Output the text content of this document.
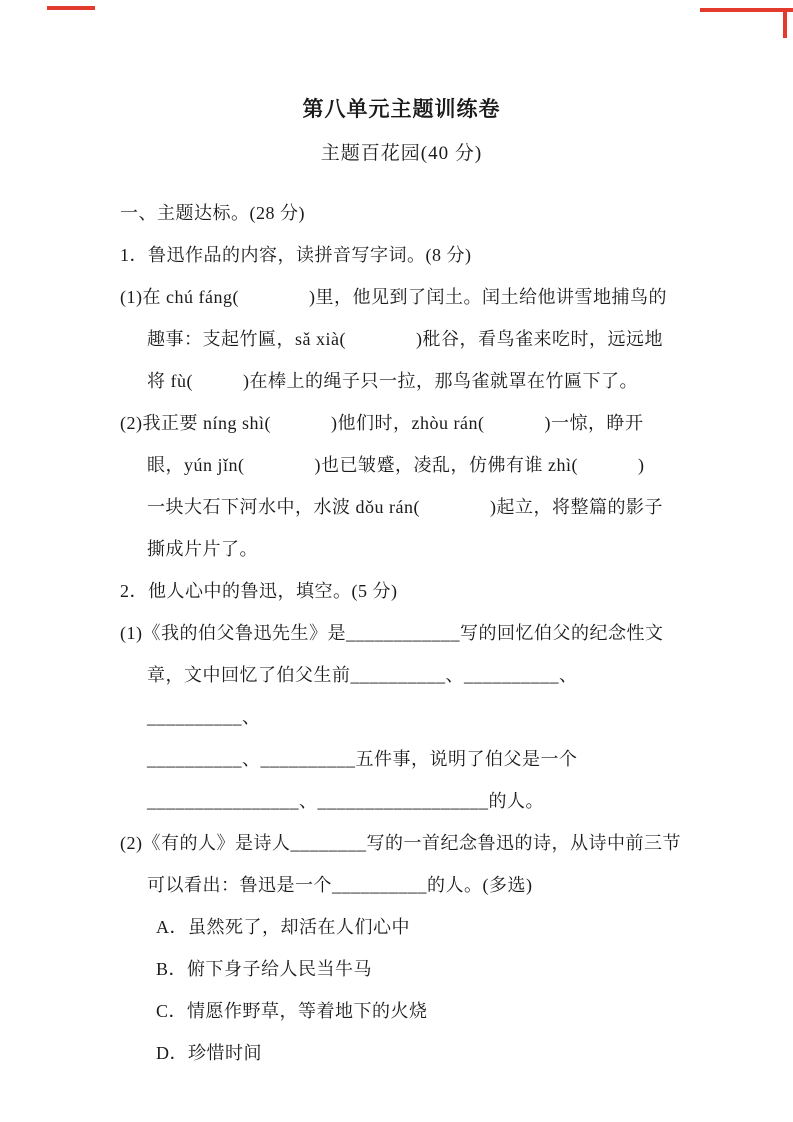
第八单元主题训练卷
主题百花园(40 分)
一、主题达标。(28 分)
1．鲁迅作品的内容，读拼音写字词。(8 分)
(1)在 chú fáng(              )里，他见到了闰土。闰土给他讲雪地捕鸟的
趣事：支起竹匾，sǎ xià(              )秕谷，看鸟雀来吃时，远远地
将 fù(          )在棒上的绳子只一拉，那鸟雀就罩在竹匾下了。
(2)我正要 níng shì(            )他们时，zhòu rán(            )一惊，睁开
眼，yún jǐn(              )也已皱蹙，凌乱，仿佛有谁 zhì(            )
一块大石下河水中，水波 dǒu rán(              )起立，将整篇的影子
撕成片片了。
2．他人心中的鲁迅，填空。(5 分)
(1)《我的伯父鲁迅先生》是____________写的回忆伯父的纪念性文
章，文中回忆了伯父生前__________、__________、__________、
__________、__________五件事，说明了伯父是一个
________________、__________________的人。
(2)《有的人》是诗人________写的一首纪念鲁迅的诗，从诗中前三节
可以看出：鲁迅是一个__________的人。(多选)
A．虽然死了，却活在人们心中
B．俯下身子给人民当牛马
C．情愿作野草，等着地下的火烧
D．珍惜时间
